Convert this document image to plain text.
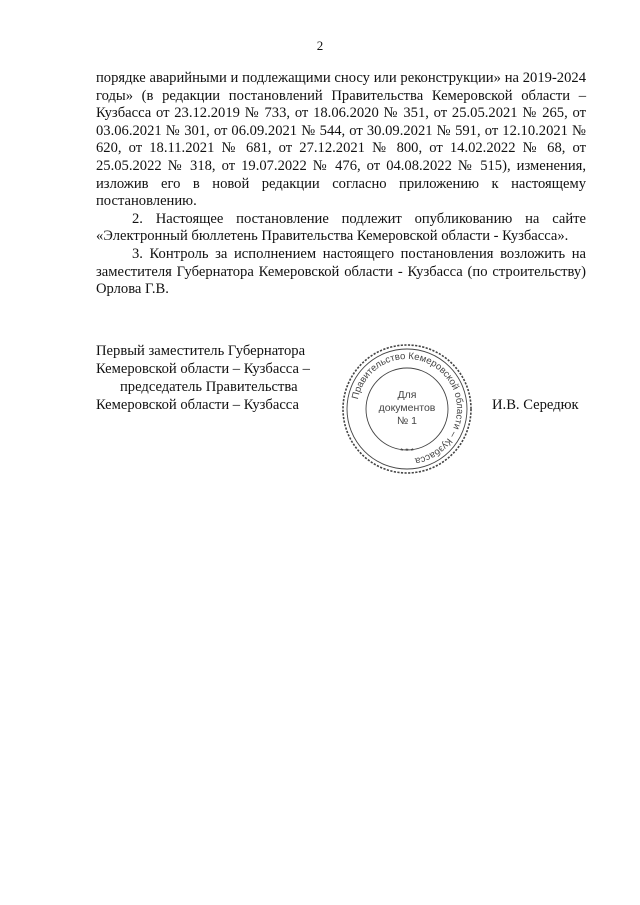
2

порядке аварийными и подлежащими сносу или реконструкции» на 2019-2024 годы» (в редакции постановлений Правительства Кемеровской области – Кузбасса от 23.12.2019 № 733, от 18.06.2020 № 351, от 25.05.2021 № 265, от 03.06.2021 № 301, от 06.09.2021 № 544, от 30.09.2021 № 591, от 12.10.2021 № 620, от 18.11.2021 № 681, от 27.12.2021 № 800, от 14.02.2022 № 68, от 25.05.2022 № 318, от 19.07.2022 № 476, от 04.08.2022 № 515), изменения, изложив его в новой редакции согласно приложению к настоящему постановлению.

2. Настоящее постановление подлежит опубликованию на сайте «Электронный бюллетень Правительства Кемеровской области - Кузбасса».

3. Контроль за исполнением настоящего постановления возложить на заместителя Губернатора Кемеровской области - Кузбасса (по строительству) Орлова Г.В.

Первый заместитель Губернатора
Кемеровской области – Кузбасса –
председатель Правительства
Кемеровской области – Кузбасса
Правительство Кемеровской области – Кузбасса
* * *
Для
документов
№ 1
И.В. Середюк
